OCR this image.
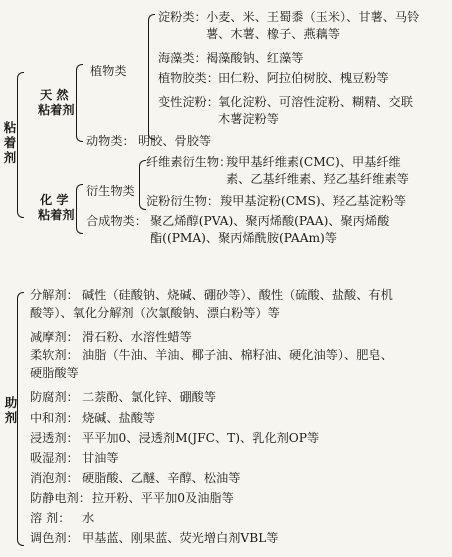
粘着剂
天 然
粘着剂
植物类
淀粉类： 小麦、米、王蜀黍（玉米）、甘薯、马铃
薯、木薯、橡子、燕藕等
海藻类： 褐藻酸钠、红藻等
植物胶类： 田仁粉、阿拉伯树胶、槐豆粉等
变性淀粉： 氧化淀粉、可溶性淀粉、糊精、交联
木薯淀粉等
动物类： 明胶、骨胶等
化 学
粘着剂
衍生物类
纤维素衍生物：
羧甲基纤维素(CMC)、甲基纤维
素、乙基纤维素、羟乙基纤维素等
淀粉衍生物： 羧甲基淀粉(CMS)、羟乙基淀粉等
合成物类： 聚乙烯醇(PVA)、聚丙烯酸(PAA)、聚丙烯酸
酯((PMA)、聚丙烯酰胺(PAAm)等
助剂
分解剂： 碱性（硅酸钠、烧碱、硼砂等）、酸性（硫酸、盐酸、有机
酸等）、氧化分解剂（次氯酸钠、漂白粉等）等
减摩剂： 滑石粉、水溶性蜡等
柔软剂： 油脂（牛油、羊油、椰子油、棉籽油、硬化油等）、肥皂、
硬脂酸等
防腐剂： 二萘酚、氯化锌、硼酸等
中和剂： 烧碱、盐酸等
浸透剂： 平平加0、浸透剂M(JFC、T)、乳化剂OP等
吸湿剂： 甘油等
消泡剂： 硬脂酸、乙醚、辛醇、松油等
防静电剂： 拉开粉、平平加0及油脂等
溶 剂： 水
调色剂： 甲基蓝、刚果蓝、荧光增白剂VBL等
